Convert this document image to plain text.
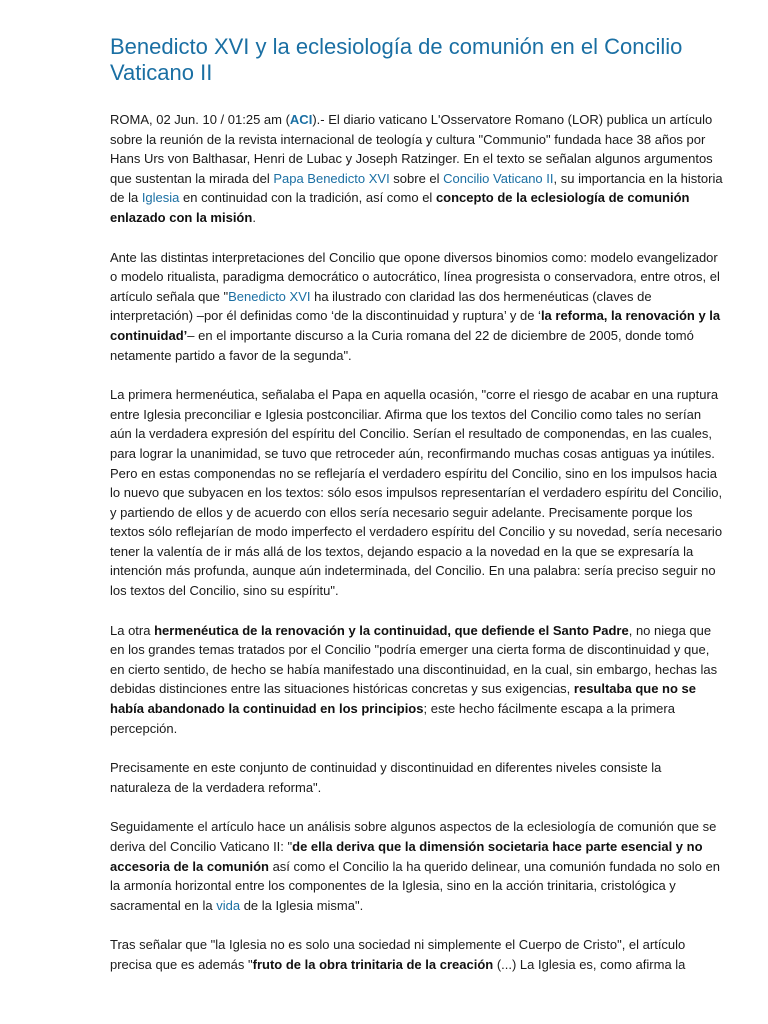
Benedicto XVI y la eclesiología de comunión en el Concilio Vaticano II

ROMA, 02 Jun. 10 / 01:25 am (ACI).- El diario vaticano L'Osservatore Romano (LOR) publica un artículo sobre la reunión de la revista internacional de teología y cultura "Communio" fundada hace 38 años por Hans Urs von Balthasar, Henri de Lubac y Joseph Ratzinger. En el texto se señalan algunos argumentos que sustentan la mirada del Papa Benedicto XVI sobre el Concilio Vaticano II, su importancia en la historia de la Iglesia en continuidad con la tradición, así como el concepto de la eclesiología de comunión enlazado con la misión.

Ante las distintas interpretaciones del Concilio que opone diversos binomios como: modelo evangelizador o modelo ritualista, paradigma democrático o autocrático, línea progresista o conservadora, entre otros, el artículo señala que "Benedicto XVI ha ilustrado con claridad las dos hermenéuticas (claves de interpretación) –por él definidas como ‘de la discontinuidad y ruptura’ y de ‘la reforma, la renovación y la continuidad’– en el importante discurso a la Curia romana del 22 de diciembre de 2005, donde tomó netamente partido a favor de la segunda".

La primera hermenéutica, señalaba el Papa en aquella ocasión, "corre el riesgo de acabar en una ruptura entre Iglesia preconciliar e Iglesia postconciliar. Afirma que los textos del Concilio como tales no serían aún la verdadera expresión del espíritu del Concilio. Serían el resultado de componendas, en las cuales, para lograr la unanimidad, se tuvo que retroceder aún, reconfirmando muchas cosas antiguas ya inútiles. Pero en estas componendas no se reflejaría el verdadero espíritu del Concilio, sino en los impulsos hacia lo nuevo que subyacen en los textos: sólo esos impulsos representarían el verdadero espíritu del Concilio, y partiendo de ellos y de acuerdo con ellos sería necesario seguir adelante. Precisamente porque los textos sólo reflejarían de modo imperfecto el verdadero espíritu del Concilio y su novedad, sería necesario tener la valentía de ir más allá de los textos, dejando espacio a la novedad en la que se expresaría la intención más profunda, aunque aún indeterminada, del Concilio. En una palabra: sería preciso seguir no los textos del Concilio, sino su espíritu".

La otra hermenéutica de la renovación y la continuidad, que defiende el Santo Padre, no niega que en los grandes temas tratados por el Concilio "podría emerger una cierta forma de discontinuidad y que, en cierto sentido, de hecho se había manifestado una discontinuidad, en la cual, sin embargo, hechas las debidas distinciones entre las situaciones históricas concretas y sus exigencias, resultaba que no se había abandonado la continuidad en los principios; este hecho fácilmente escapa a la primera percepción.

Precisamente en este conjunto de continuidad y discontinuidad en diferentes niveles consiste la naturaleza de la verdadera reforma".

Seguidamente el artículo hace un análisis sobre algunos aspectos de la eclesiología de comunión que se deriva del Concilio Vaticano II: "de ella deriva que la dimensión societaria hace parte esencial y no accesoria de la comunión así como el Concilio la ha querido delinear, una comunión fundada no solo en la armonía horizontal entre los componentes de la Iglesia, sino en la acción trinitaria, cristológica y sacramental en la vida de la Iglesia misma".

Tras señalar que "la Iglesia no es solo una sociedad ni simplemente el Cuerpo de Cristo", el artículo precisa que es además "fruto de la obra trinitaria de la creación (...) La Iglesia es, como afirma la
